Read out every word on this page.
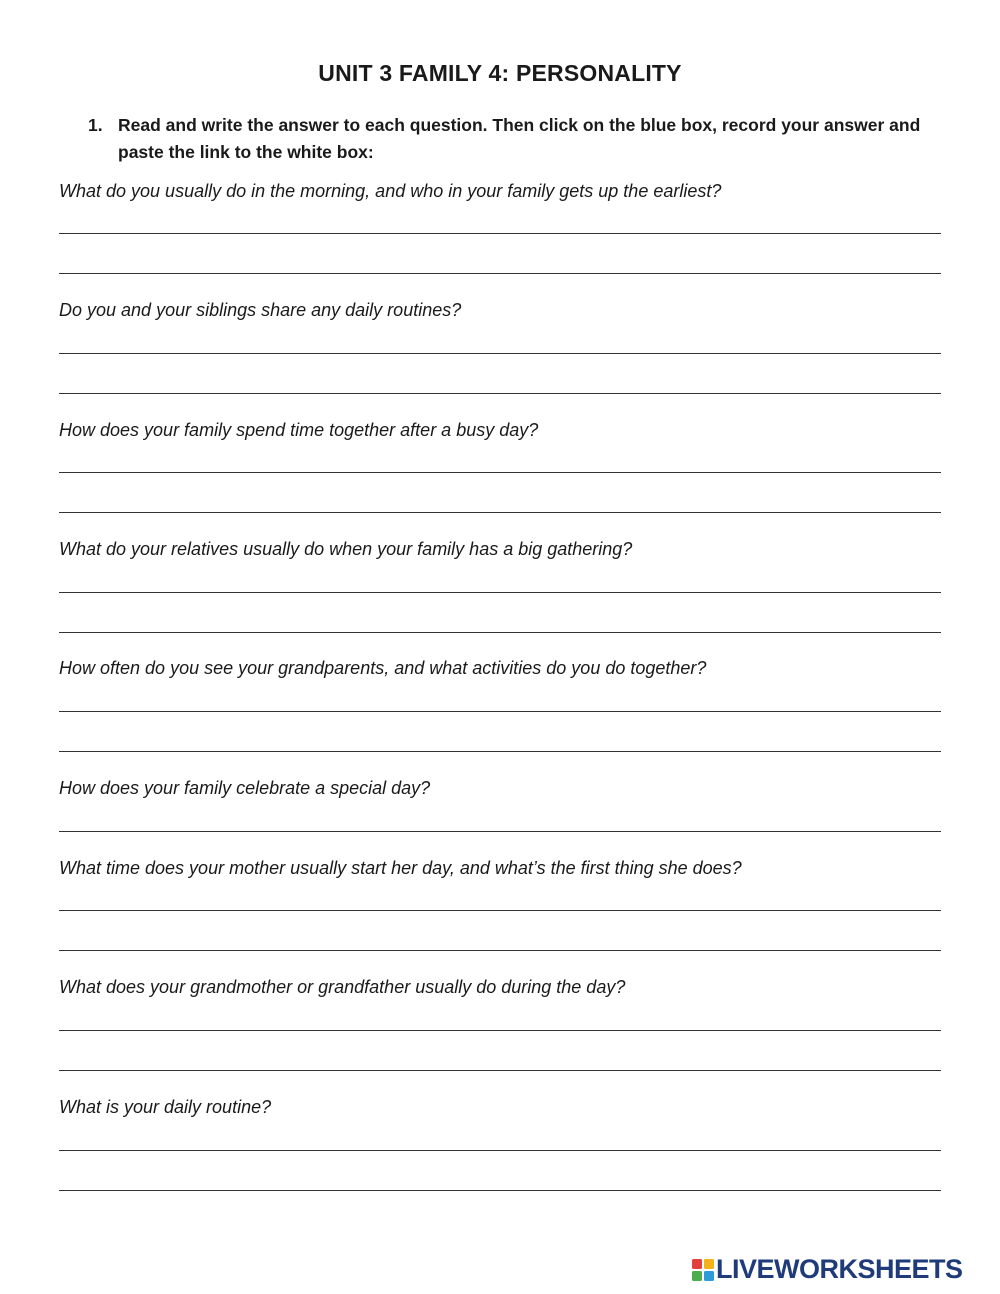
UNIT 3 FAMILY 4: PERSONALITY
1. Read and write the answer to each question. Then click on the blue box, record your answer and paste the link to the white box:

What do you usually do in the morning, and who in your family gets up the earliest?

Do you and your siblings share any daily routines?

How does your family spend time together after a busy day?

What do your relatives usually do when your family has a big gathering?

How often do you see your grandparents, and what activities do you do together?

How does your family celebrate a special day?

What time does your mother usually start her day, and what’s the first thing she does?

What does your grandmother or grandfather usually do during the day?

What is your daily routine?

LIVEWORKSHEETS
